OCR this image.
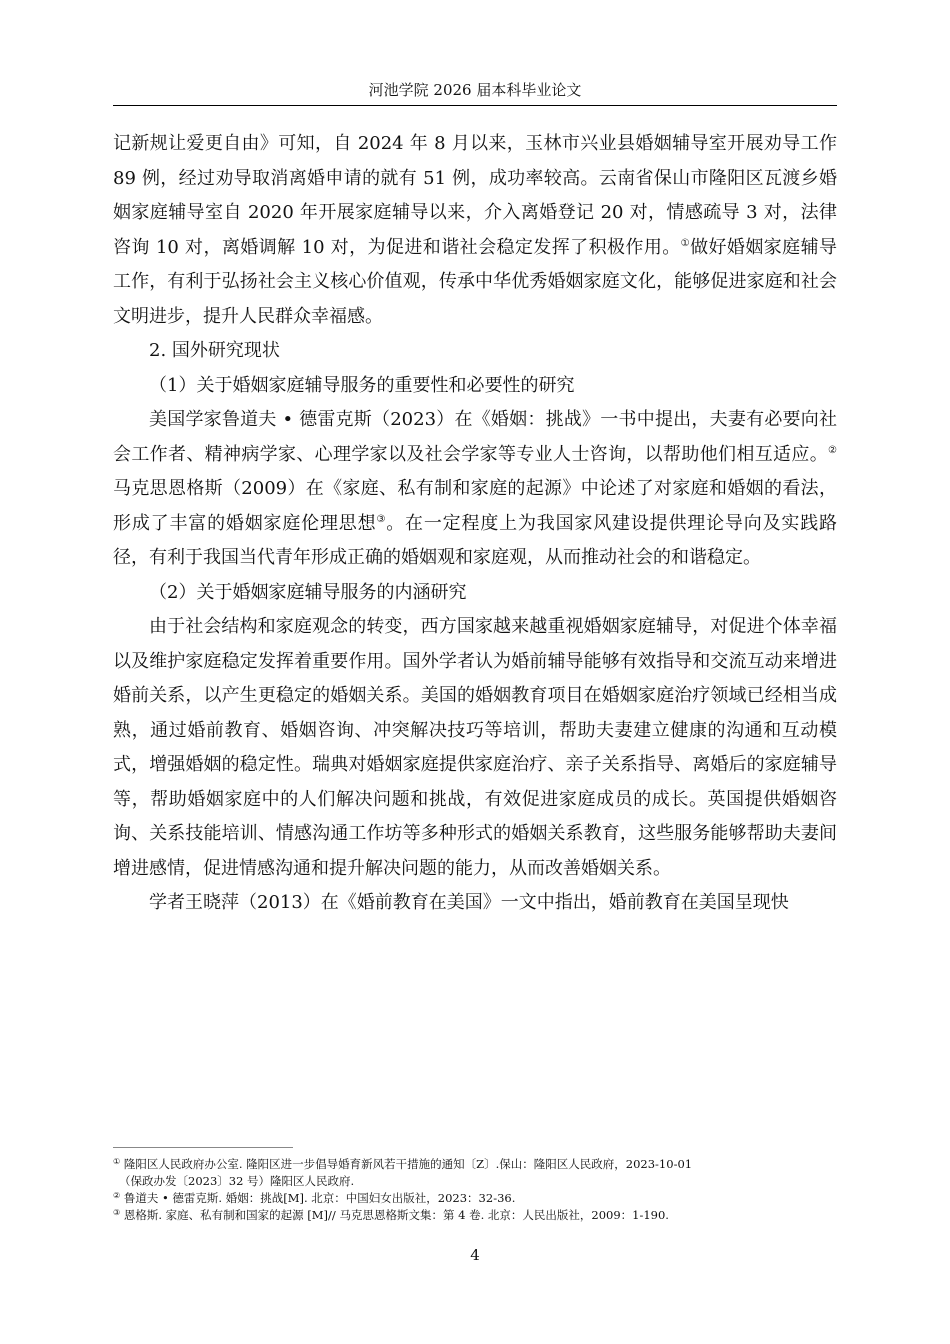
河池学院 2026 届本科毕业论文

记新规让爱更自由》可知，自 2024 年 8 月以来，玉林市兴业县婚姻辅导室开展劝导工作 89 例，经过劝导取消离婚申请的就有 51 例，成功率较高。云南省保山市隆阳区瓦渡乡婚姻家庭辅导室自 2020 年开展家庭辅导以来，介入离婚登记 20 对，情感疏导 3 对，法律咨询 10 对，离婚调解 10 对，为促进和谐社会稳定发挥了积极作用。①做好婚姻家庭辅导工作，有利于弘扬社会主义核心价值观，传承中华优秀婚姻家庭文化，能够促进家庭和社会文明进步，提升人民群众幸福感。

2. 国外研究现状

（1）关于婚姻家庭辅导服务的重要性和必要性的研究

美国学家鲁道夫 • 德雷克斯（2023）在《婚姻：挑战》一书中提出，夫妻有必要向社会工作者、精神病学家、心理学家以及社会学家等专业人士咨询，以帮助他们相互适应。②马克思恩格斯（2009）在《家庭、私有制和家庭的起源》中论述了对家庭和婚姻的看法，形成了丰富的婚姻家庭伦理思想③。在一定程度上为我国家风建设提供理论导向及实践路径，有利于我国当代青年形成正确的婚姻观和家庭观，从而推动社会的和谐稳定。

（2）关于婚姻家庭辅导服务的内涵研究

由于社会结构和家庭观念的转变，西方国家越来越重视婚姻家庭辅导，对促进个体幸福以及维护家庭稳定发挥着重要作用。国外学者认为婚前辅导能够有效指导和交流互动来增进婚前关系，以产生更稳定的婚姻关系。美国的婚姻教育项目在婚姻家庭治疗领域已经相当成熟，通过婚前教育、婚姻咨询、冲突解决技巧等培训，帮助夫妻建立健康的沟通和互动模式，增强婚姻的稳定性。瑞典对婚姻家庭提供家庭治疗、亲子关系指导、离婚后的家庭辅导等，帮助婚姻家庭中的人们解决问题和挑战，有效促进家庭成员的成长。英国提供婚姻咨询、关系技能培训、情感沟通工作坊等多种形式的婚姻关系教育，这些服务能够帮助夫妻间增进感情，促进情感沟通和提升解决问题的能力，从而改善婚姻关系。

学者王晓萍（2013）在《婚前教育在美国》一文中指出，婚前教育在美国呈现快

① 隆阳区人民政府办公室. 隆阳区进一步倡导婚育新风若干措施的通知〔Z〕.保山：隆阳区人民政府，2023-10-01

（保政办发〔2023〕32 号）隆阳区人民政府.

② 鲁道夫 • 德雷克斯. 婚姻：挑战[M]. 北京：中国妇女出版社，2023：32-36.

③ 恩格斯. 家庭、私有制和国家的起源 [M]// 马克思恩格斯文集：第 4 卷. 北京：人民出版社，2009：1-190.

4
